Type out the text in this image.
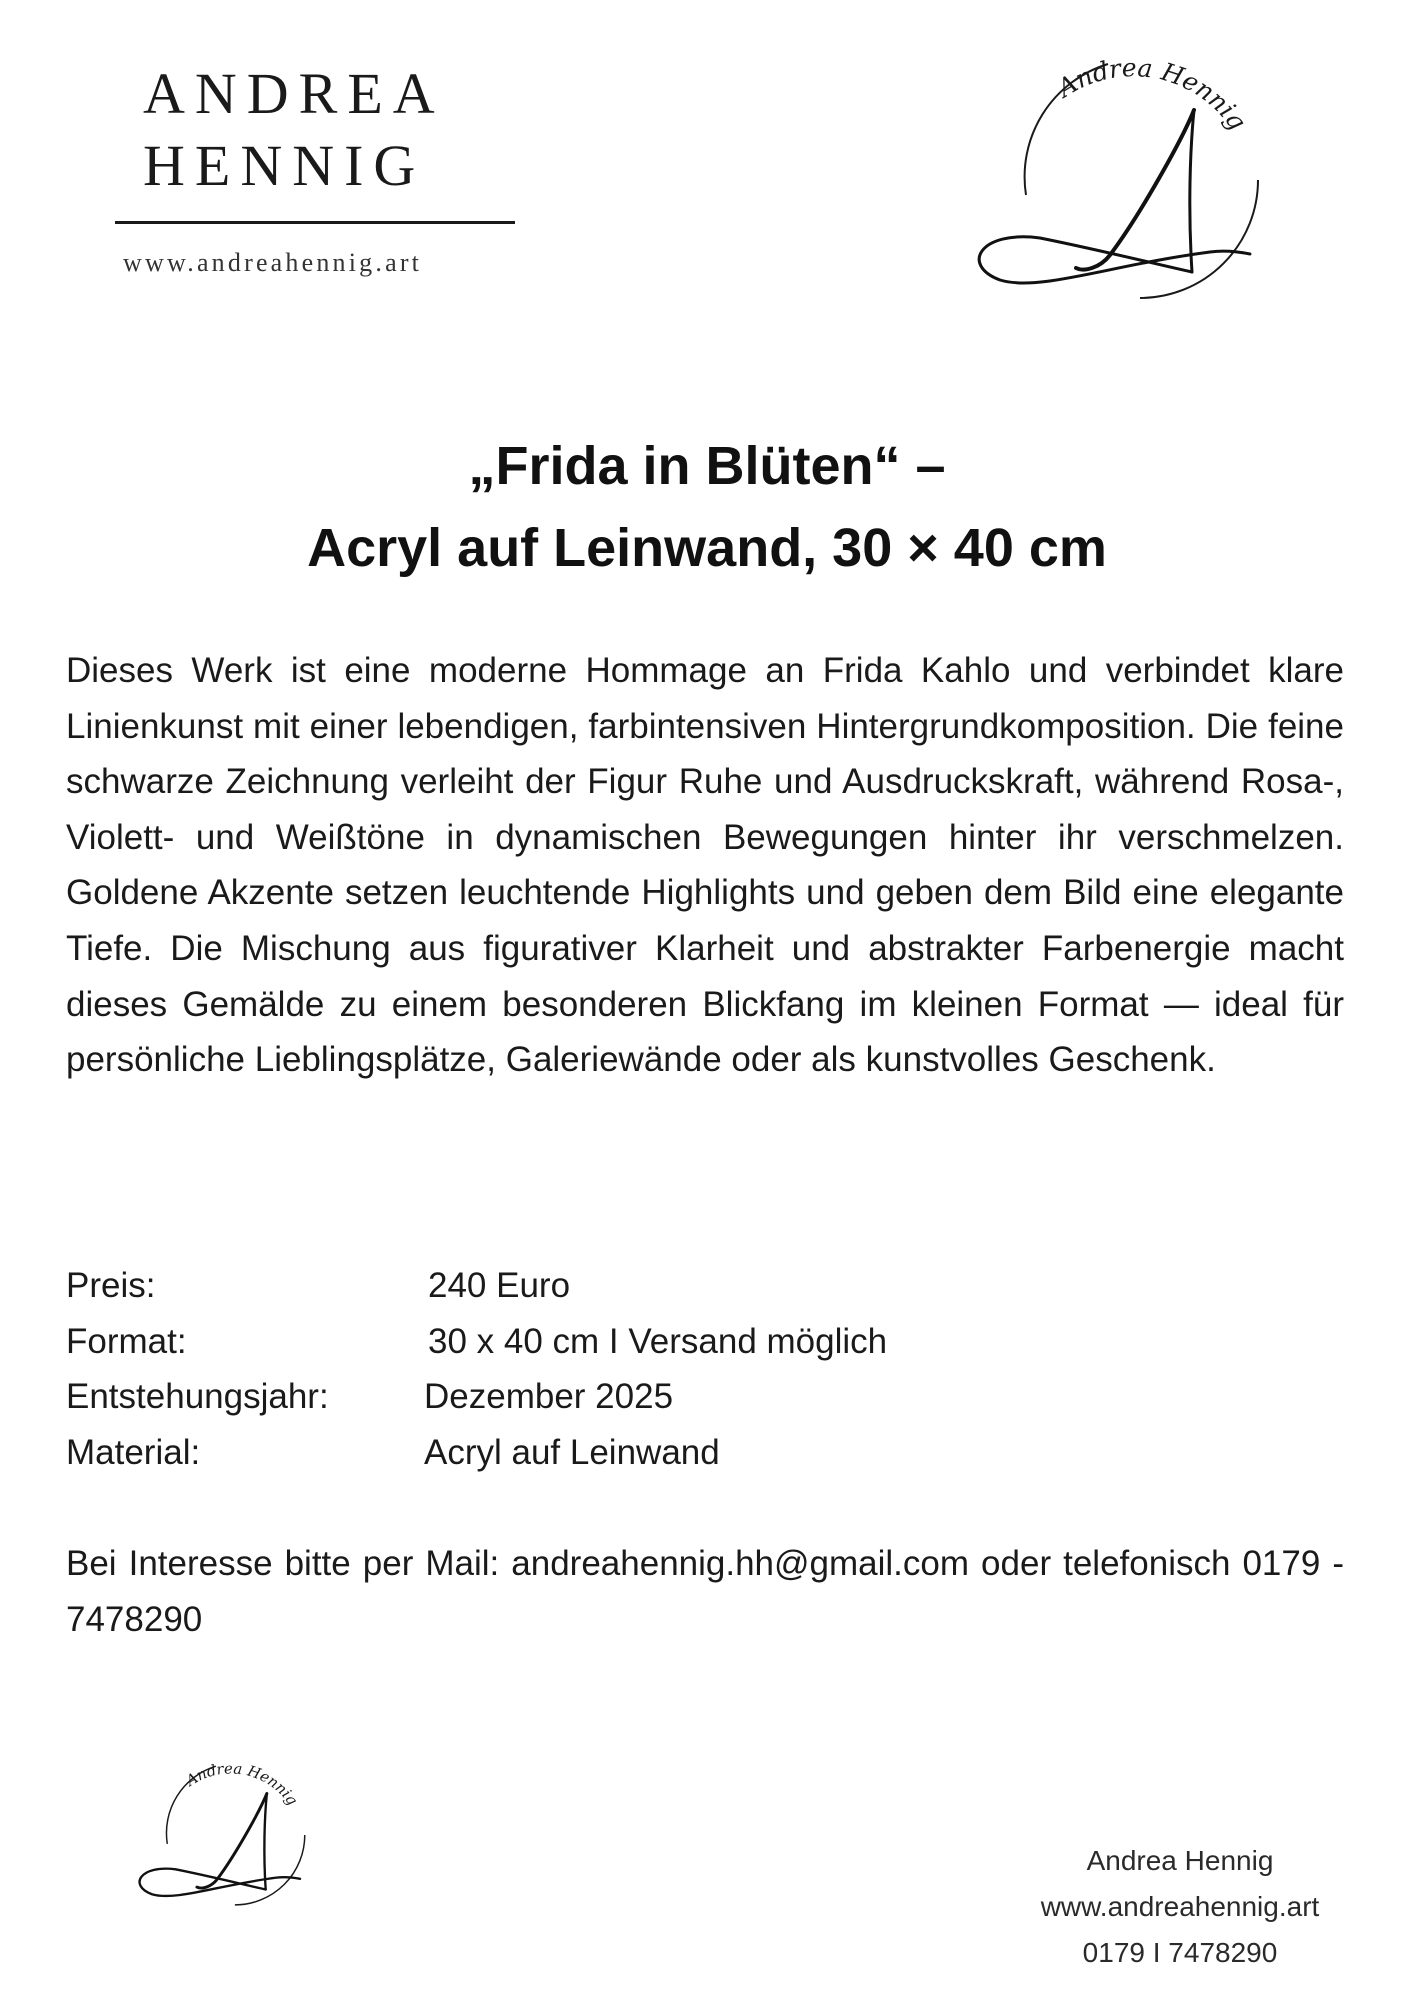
ANDREA
HENNIG
www.andreahennig.art
Andrea Hennig
„Frida in Blüten“ –
Acryl auf Leinwand, 30 × 40 cm

Dieses Werk ist eine moderne Hommage an Frida Kahlo und verbindet klare Linienkunst mit einer lebendigen, farbintensiven Hintergrundkomposition. Die feine schwarze Zeichnung verleiht der Figur Ruhe und Ausdruckskraft, während Rosa-, Violett- und Weißtöne in dynamischen Bewegungen hinter ihr verschmelzen. Goldene Akzente setzen leuchtende Highlights und geben dem Bild eine elegante Tiefe. Die Mischung aus figurativer Klarheit und abstrakter Farbenergie macht dieses Gemälde zu einem besonderen Blickfang im kleinen Format — ideal für persönliche Lieblingsplätze, Galeriewände oder als kunstvolles Geschenk.

Preis:	240 Euro
Format:	30 x 40 cm I Versand möglich
Entstehungsjahr:	Dezember 2025
Material:	Acryl auf Leinwand

Bei Interesse bitte per Mail: andreahennig.hh@gmail.com oder telefonisch 0179 - 7478290

Andrea Hennig
Andrea Hennig
www.andreahennig.art
0179 I 7478290
